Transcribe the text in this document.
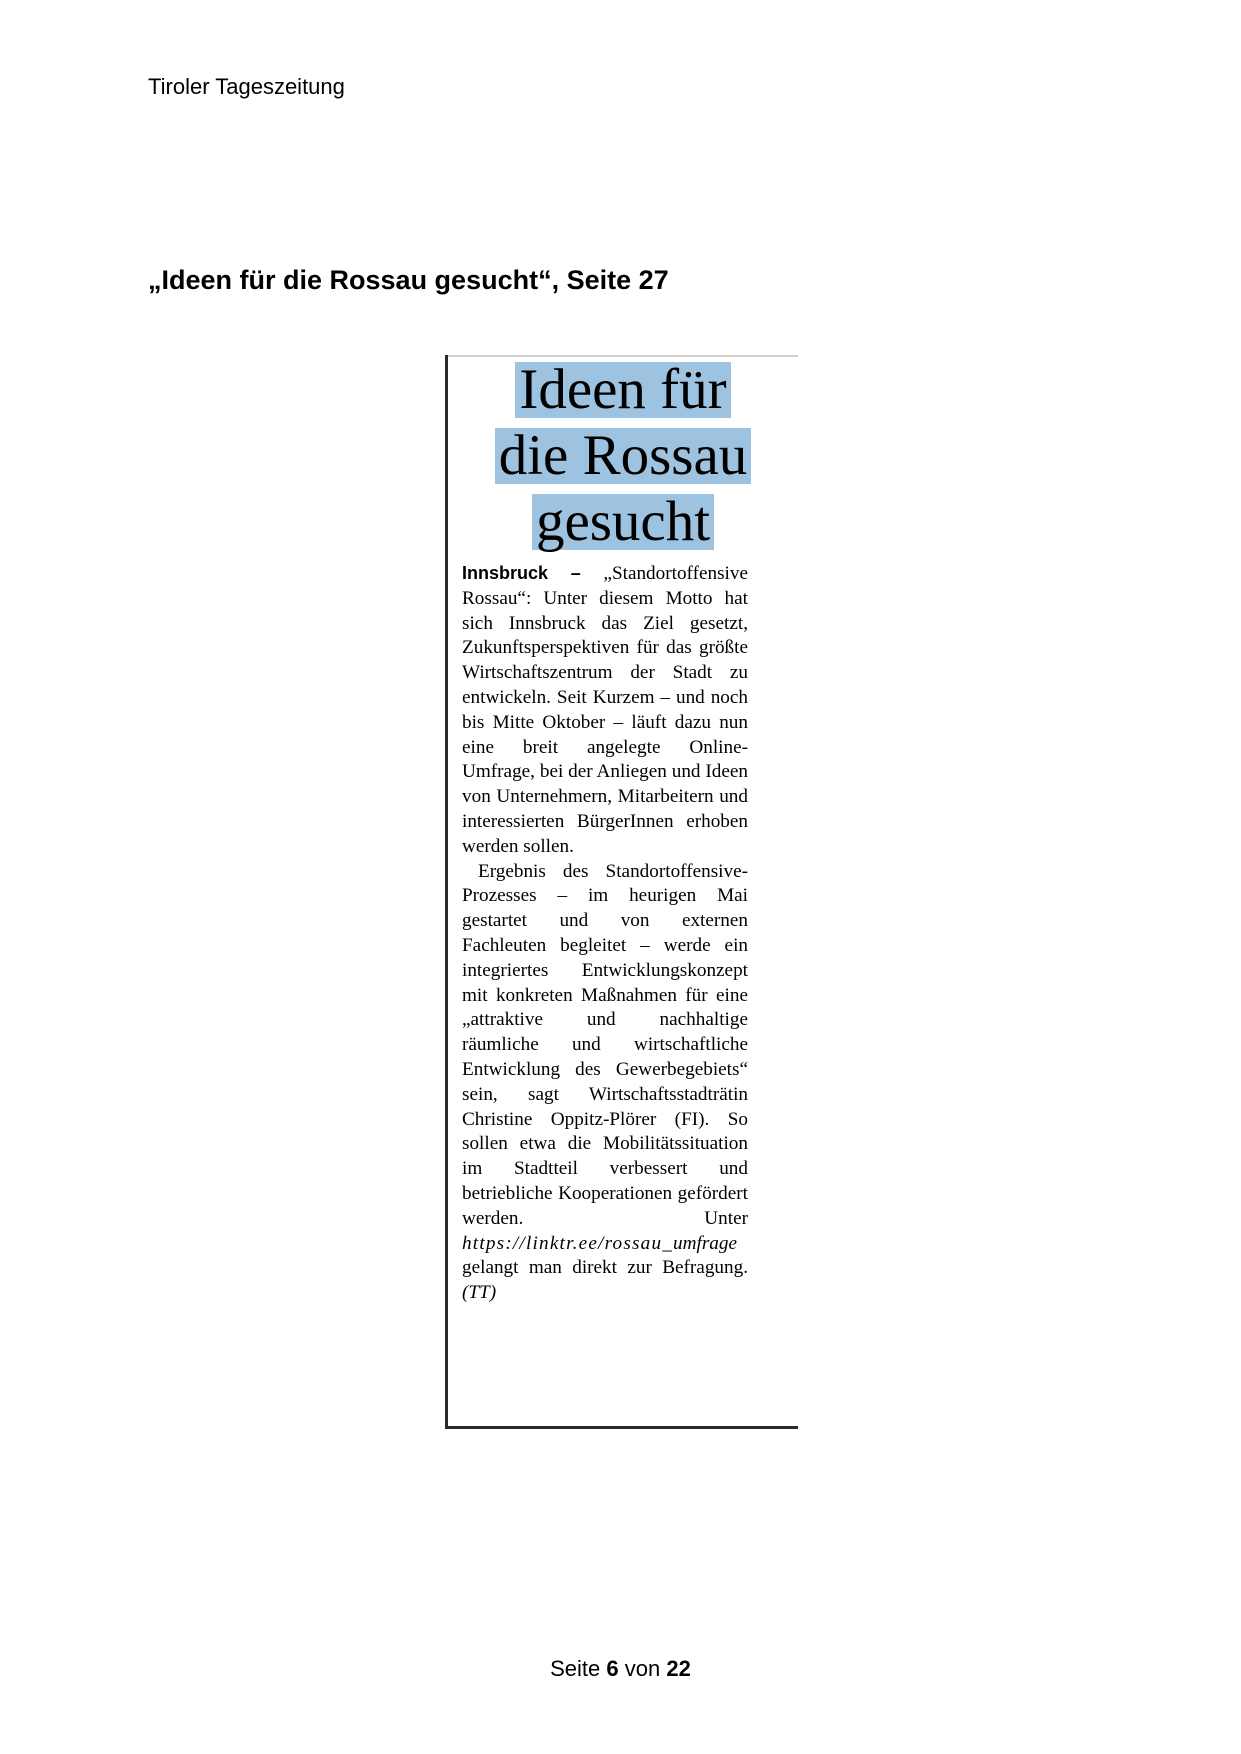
Tiroler Tageszeitung
„Ideen für die Rossau gesucht“, Seite 27
Ideen für
die Rossau
gesucht

Innsbruck – „Standortoffensive Rossau“: Unter diesem Motto hat sich Innsbruck das Ziel gesetzt, Zukunftsperspektiven für das größte Wirtschaftszentrum der Stadt zu entwickeln. Seit Kurzem – und noch bis Mitte Oktober – läuft dazu nun eine breit angelegte Online-Umfrage, bei der Anliegen und Ideen von Unternehmern, Mitarbeitern und interessierten BürgerInnen erhoben werden sollen.

Ergebnis des Standortoffensive-Prozesses – im heurigen Mai gestartet und von externen Fachleuten begleitet – werde ein integriertes Entwicklungskonzept mit konkreten Maßnahmen für eine „attraktive und nachhaltige räumliche und wirtschaftliche Entwicklung des Gewerbegebiets“ sein, sagt Wirtschaftsstadträtin Christine Oppitz-Plörer (FI). So sollen etwa die Mobilitätssituation im Stadtteil verbessert und betriebliche Kooperationen gefördert werden. Unter https://linktr.ee/rossau_umfrage gelangt man direkt zur Befragung. (TT)

Seite 6 von 22
